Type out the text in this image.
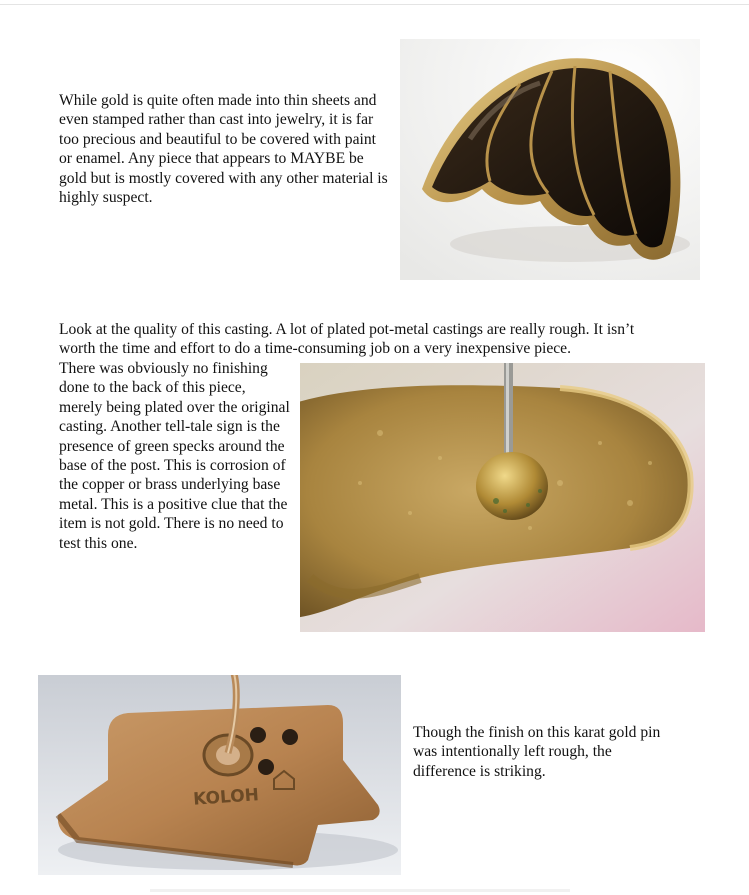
While gold is quite often made into thin sheets and even stamped rather than cast into jewelry, it is far too precious and beautiful to be covered with paint or enamel. Any piece that appears to MAYBE be gold but is mostly covered with any other material is highly suspect.

Look at the quality of this casting. A lot of plated pot-metal castings are really rough. It isn’t worth the time and effort to do a time-consuming job on a very inexpensive piece.

There was obviously no finishing done to the back of this piece, merely being plated over the original casting. Another tell-tale sign is the presence of green specks around the base of the post. This is corrosion of the copper or brass underlying base metal. This is a positive clue that the item is not gold. There is no need to test this one.

KOLOH

Though the finish on this karat gold pin was intentionally left rough, the difference is striking.
